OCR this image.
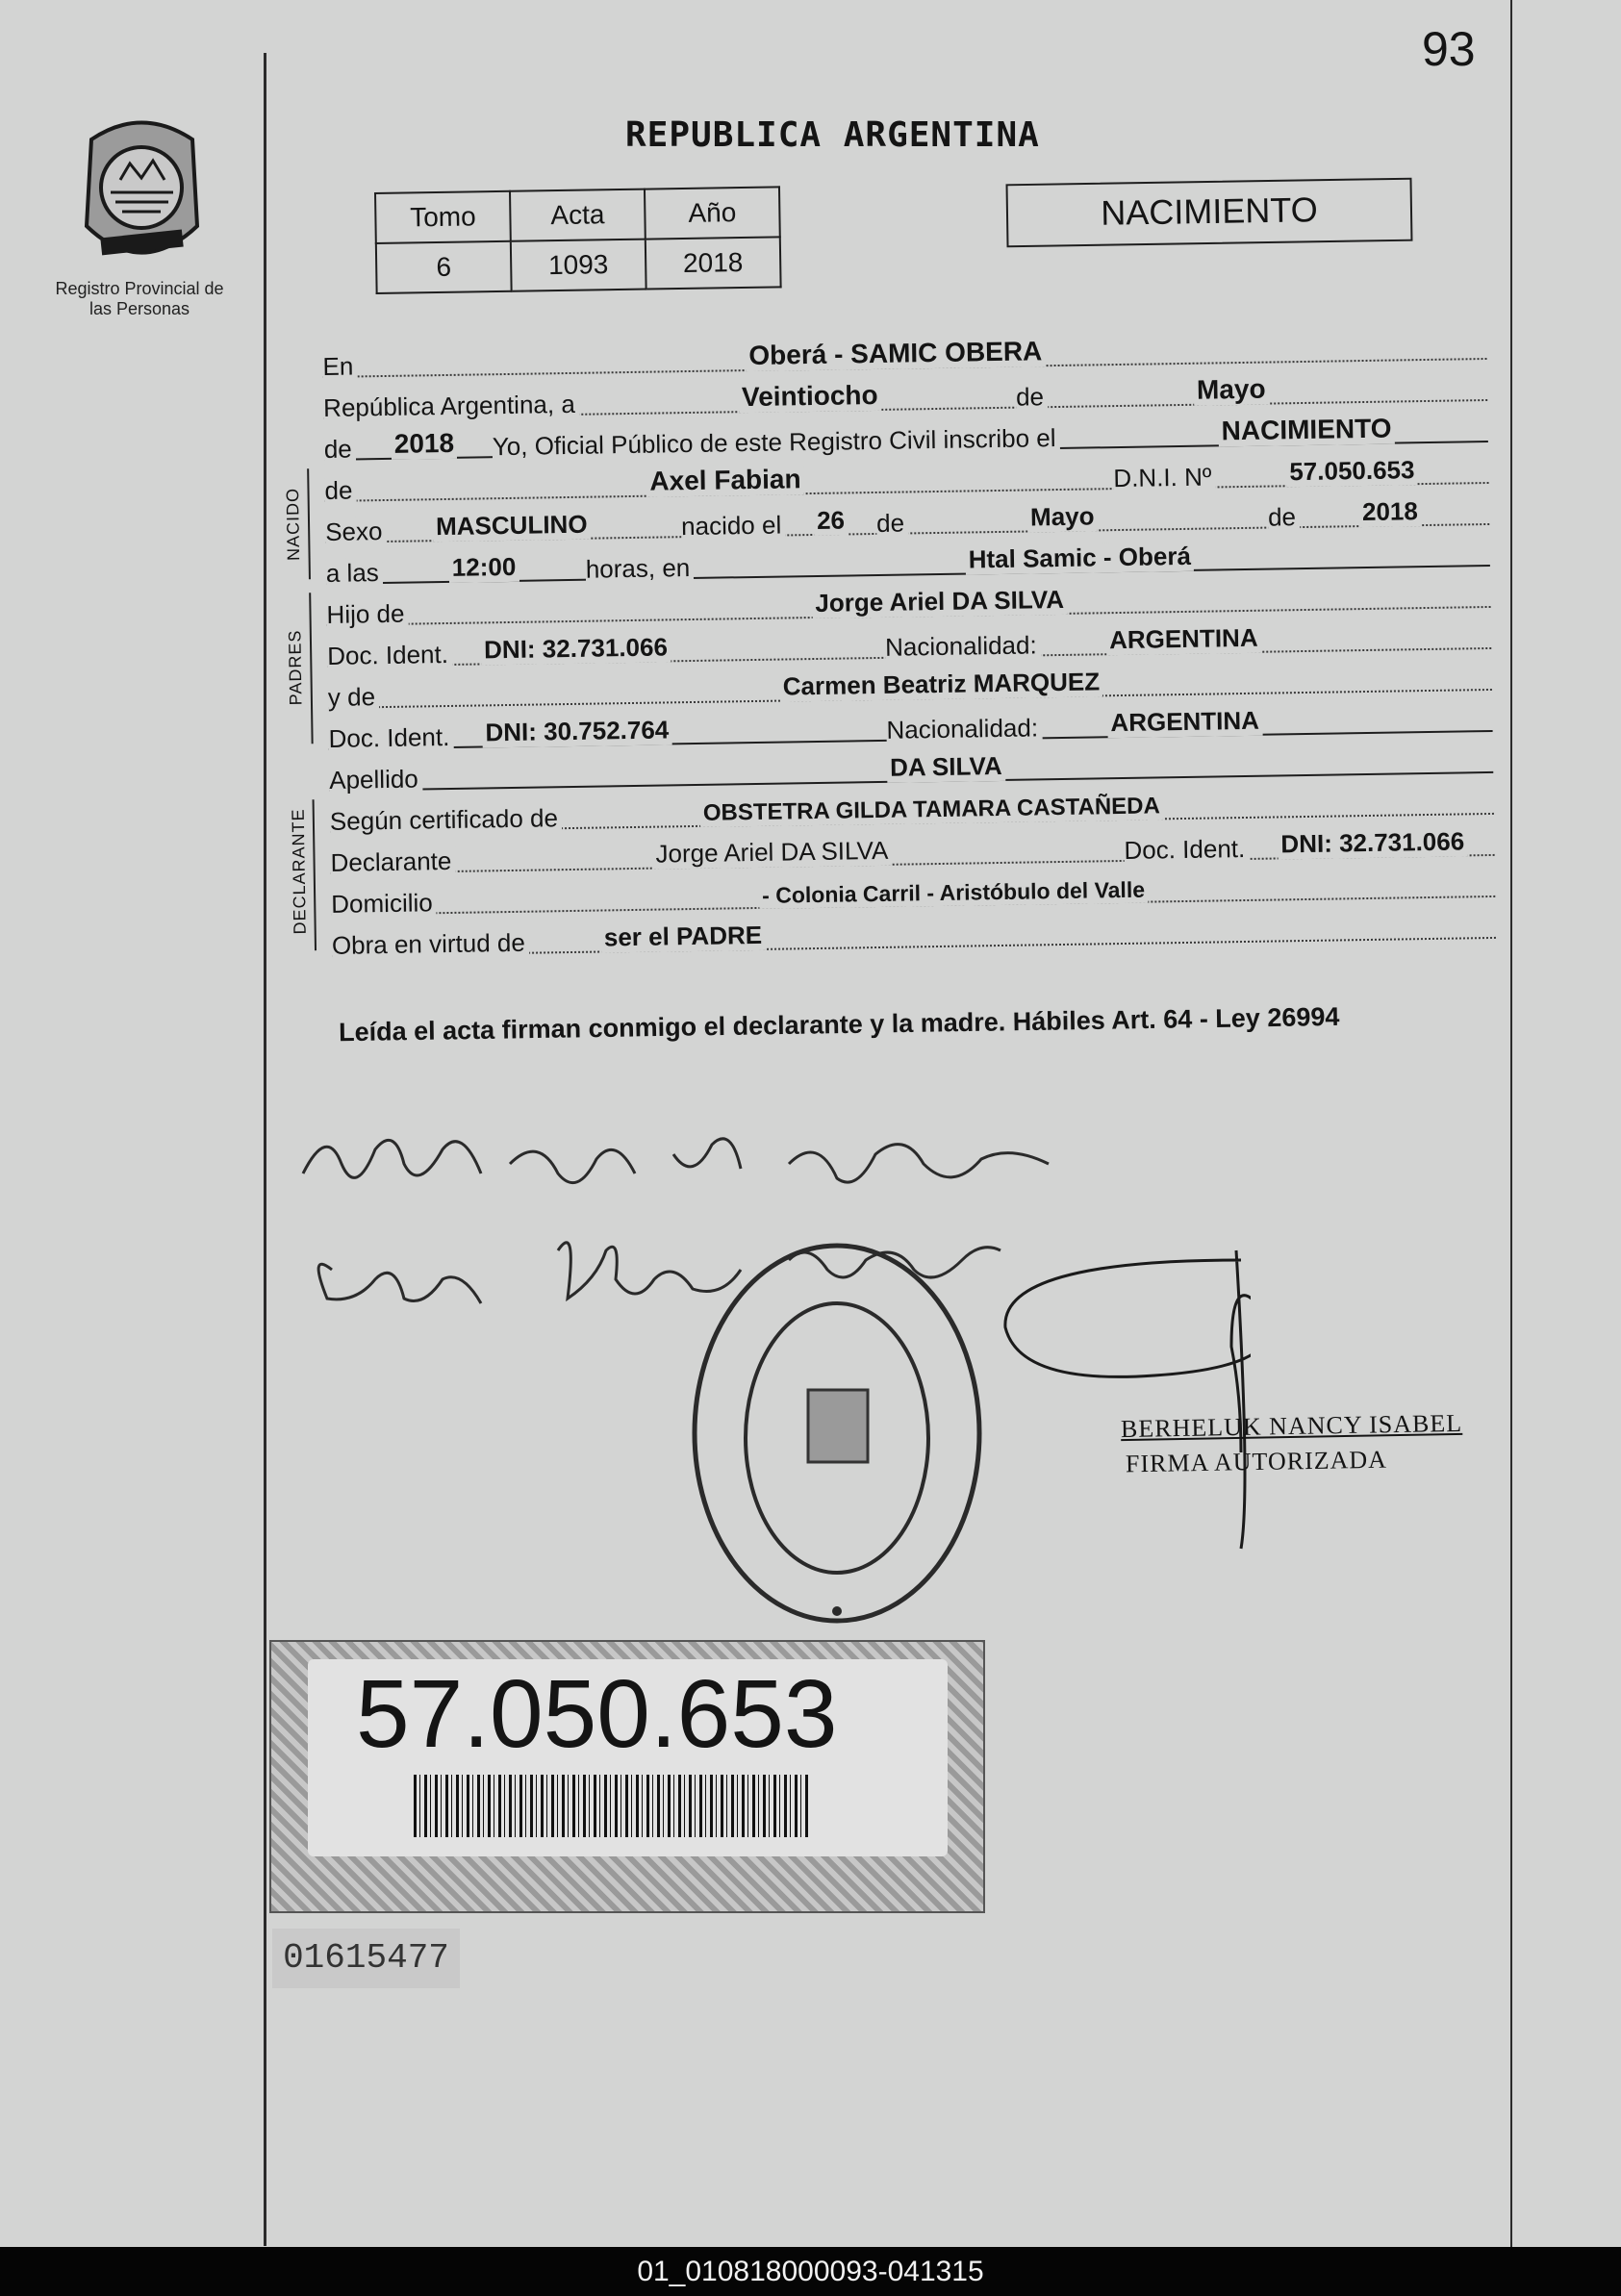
93
Registro Provincial de las Personas
REPUBLICA ARGENTINA
Tomo	Acta	Año
6	1093	2018
NACIMIENTO
En	Oberá - SAMIC OBERA
República Argentina, a	Veintiocho	de	Mayo
de 2018 Yo, Oficial Público de este Registro Civil inscribo el	NACIMIENTO
NACIDO de	Axel Fabian	D.N.I. Nº	57.050.653
Sexo MASCULINO	nacido el 26 de	Mayo	de	2018
a las	12:00	horas, en	Htal Samic - Oberá
PADRES
Hijo de	Jorge Ariel DA SILVA
Doc. Ident. DNI: 32.731.066	Nacionalidad:	ARGENTINA
y de	Carmen Beatriz MARQUEZ
Doc. Ident. DNI: 30.752.764	Nacionalidad:	ARGENTINA
Apellido	DA SILVA
DECLARANTE Según certificado de	OBSTETRA GILDA TAMARA CASTAÑEDA
Declarante	Jorge Ariel DA SILVA	Doc. Ident. DNI: 32.731.066
Domicilio	- Colonia Carril - Aristóbulo del Valle
Obra en virtud de	ser el PADRE
Leída el acta firman conmigo el declarante y la madre. Hábiles Art. 64 - Ley 26994
BERHELUK NANCY ISABEL
FIRMA AUTORIZADA
57.050.653
01615477
01_010818000093-041315
